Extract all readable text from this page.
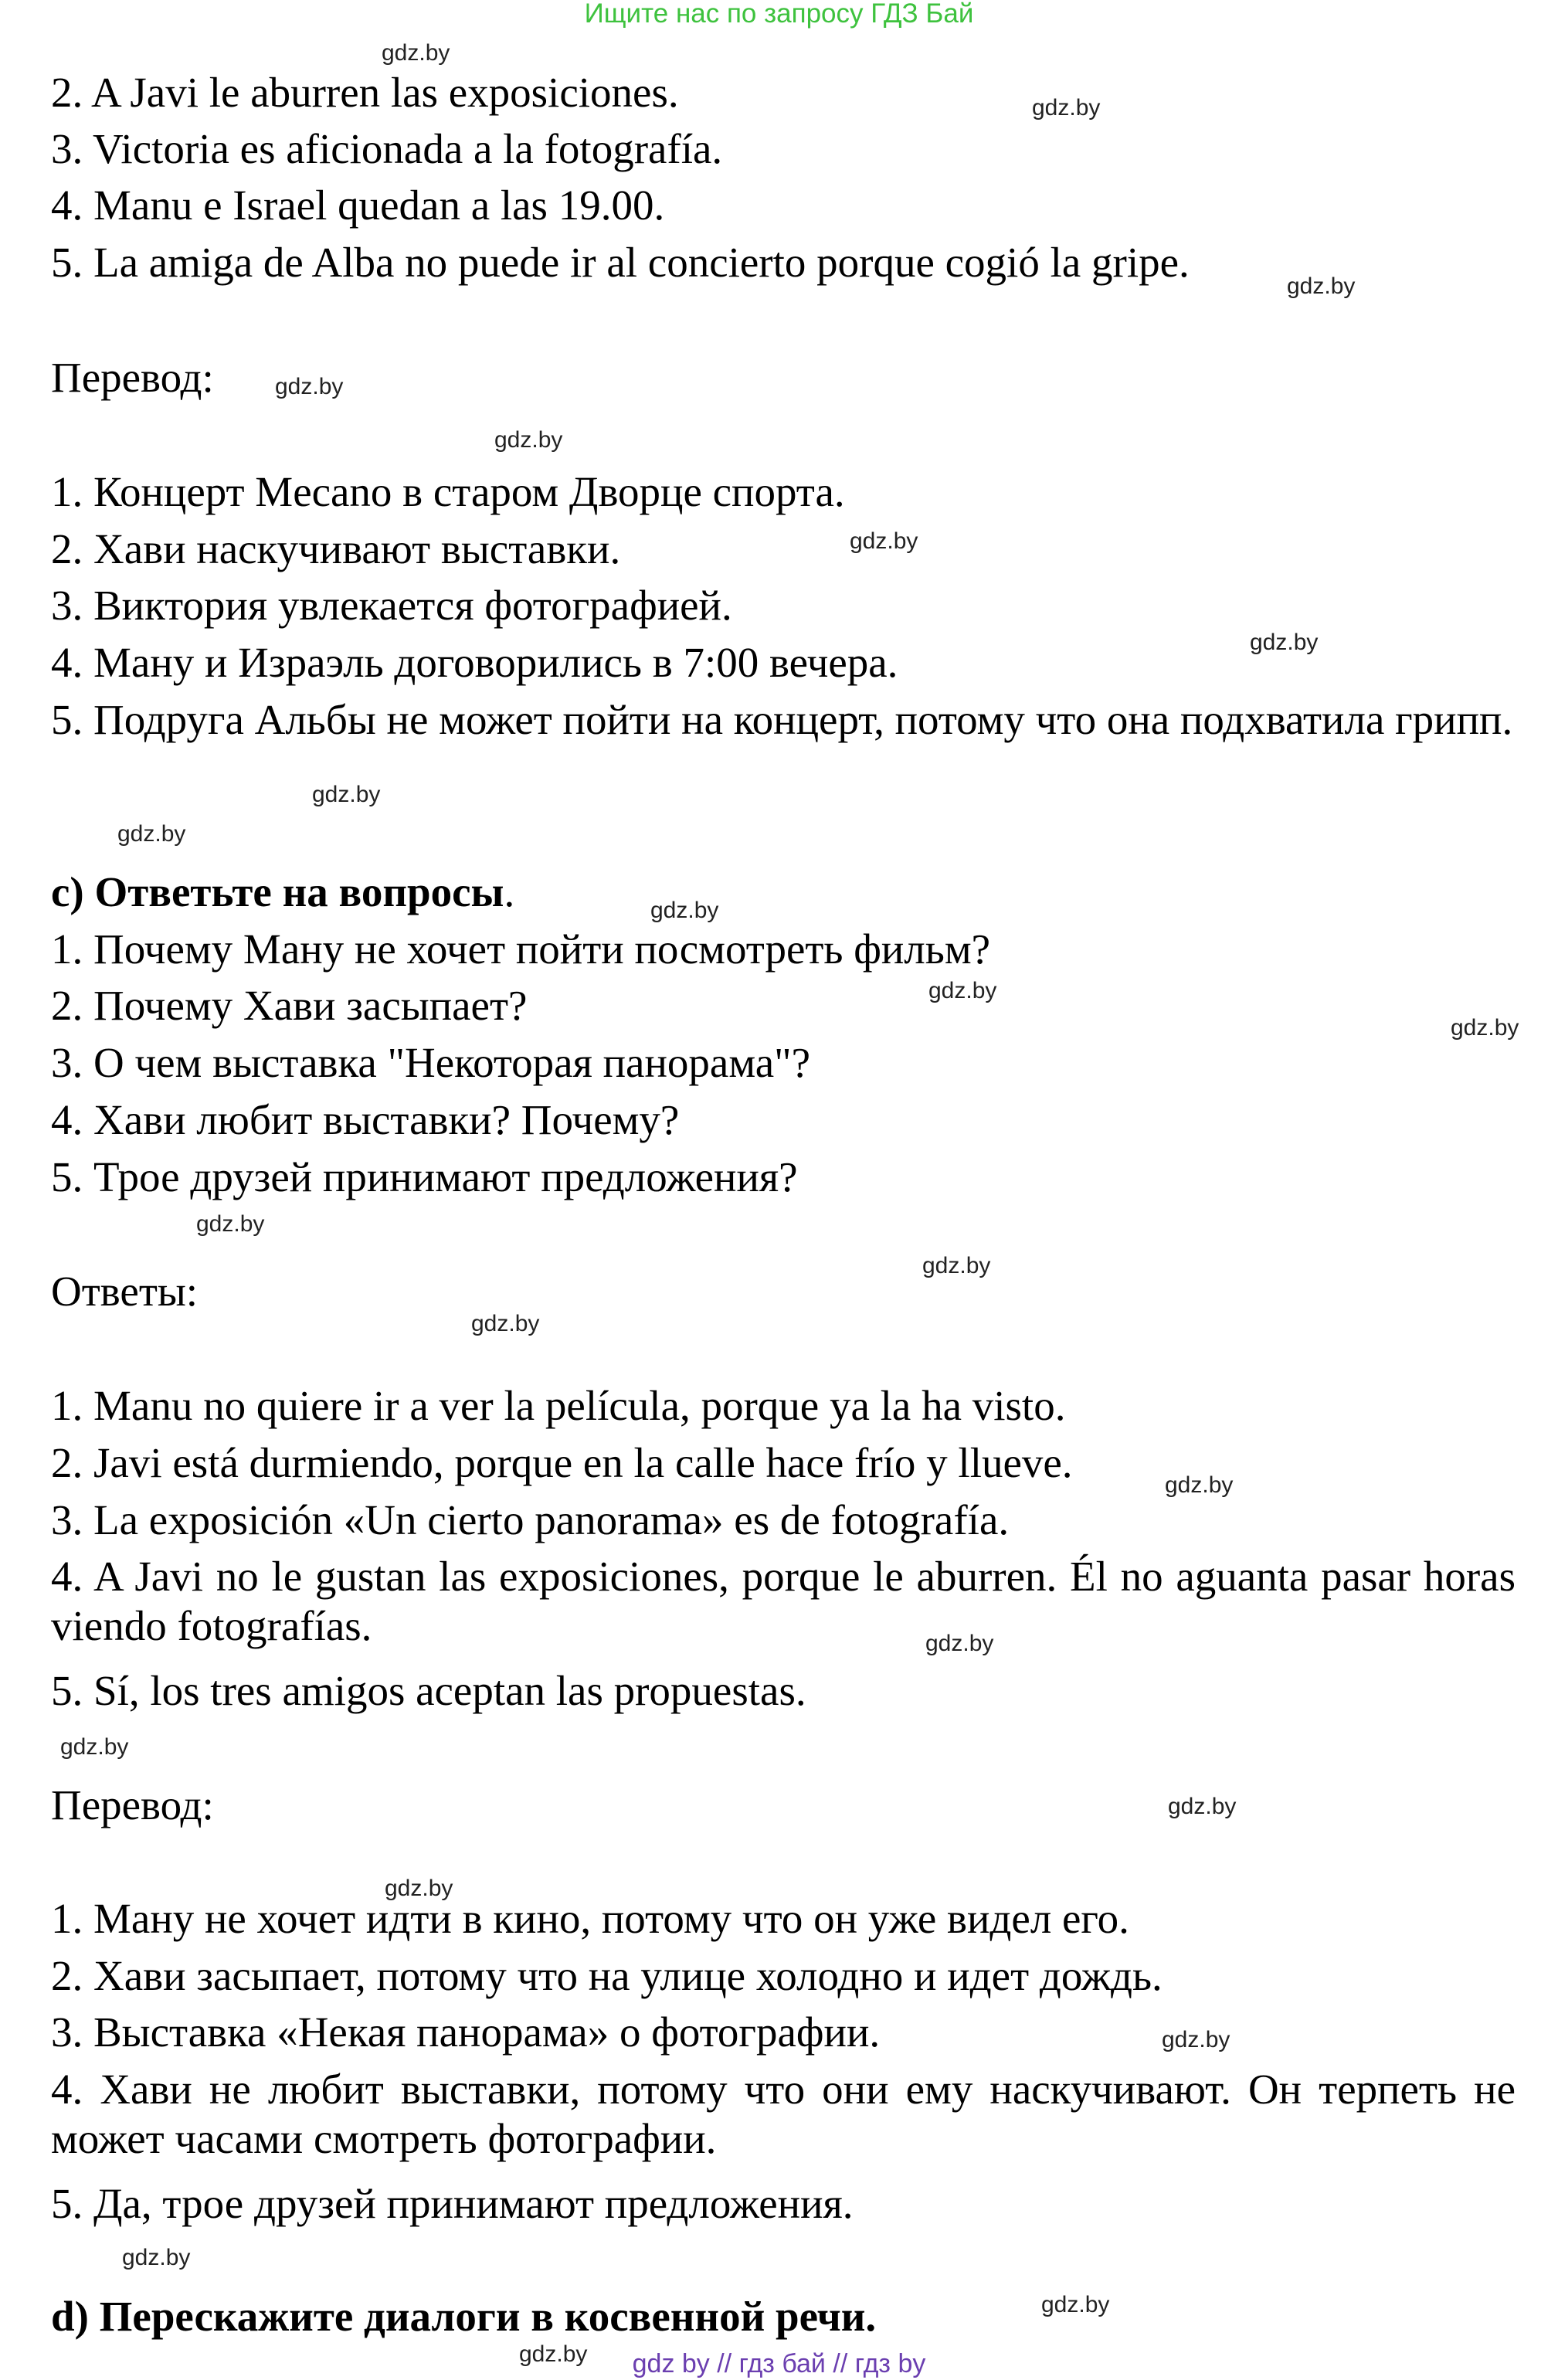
Ищите нас по запросу ГДЗ Бай
2. A Javi le aburren las exposiciones.
3. Victoria es aficionada a la fotografía.
4. Manu e Israel quedan a las 19.00.
5. La amiga de Alba no puede ir al concierto porque cogió la gripe.
Перевод:
1. Концерт Mecano в старом Дворце спорта.
2. Хави наскучивают выставки.
3. Виктория увлекается фотографией.
4. Ману и Израэль договорились в 7:00 вечера.
5. Подруга Альбы не может пойти на концерт, потому что она подхватила грипп.
c) Ответьте на вопросы.
1. Почему Ману не хочет пойти посмотреть фильм?
2. Почему Хави засыпает?
3. О чем выставка "Некоторая панорама"?
4. Хави любит выставки? Почему?
5. Трое друзей принимают предложения?
Ответы:
1. Manu no quiere ir a ver la película, porque ya la ha visto.
2. Javi está durmiendo, porque en la calle hace frío y llueve.
3. La exposición «Un cierto panorama» es de fotografía.
4. A Javi no le gustan las exposiciones, porque le aburren. Él no aguanta pasar horas viendo fotografías.
5. Sí, los tres amigos aceptan las propuestas.
Перевод:
1. Ману не хочет идти в кино, потому что он уже видел его.
2. Хави засыпает, потому что на улице холодно и идет дождь.
3. Выставка «Некая панорама» о фотографии.
4. Хави не любит выставки, потому что они ему наскучивают. Он терпеть не может часами смотреть фотографии.
5. Да, трое друзей принимают предложения.
d) Перескажите диалоги в косвенной речи.
gdz.by
gdz.by
gdz.by
gdz.by
gdz.by
gdz.by
gdz.by
gdz.by
gdz.by
gdz.by
gdz.by
gdz.by
gdz.by
gdz.by
gdz.by
gdz.by
gdz.by
gdz.by
gdz.by
gdz.by
gdz.by
gdz.by
gdz.by
gdz.by	gdz by // гдз бай // гдз by
